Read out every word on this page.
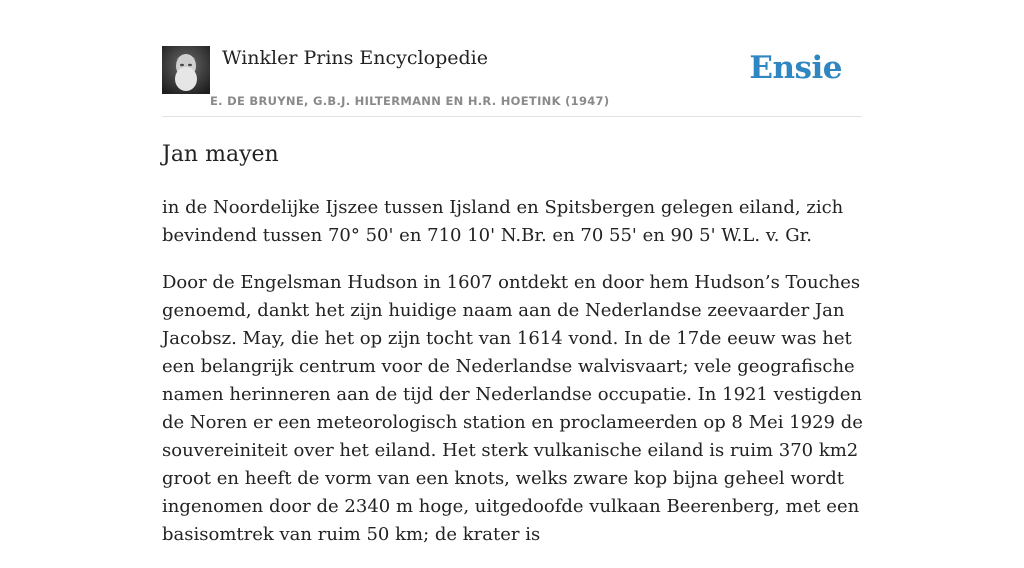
Winkler Prins Encyclopedie
E. DE BRUYNE, G.B.J. HILTERMANN EN H.R. HOETINK (1947)
Ensie
Jan mayen

in de Noordelijke Ijszee tussen Ijsland en Spitsbergen gelegen eiland, zich bevindend tussen 70° 50' en 710 10' N.Br. en 70 55' en 90 5' W.L. v. Gr.

Door de Engelsman Hudson in 1607 ontdekt en door hem Hudson’s Touches genoemd, dankt het zijn huidige naam aan de Nederlandse zeevaarder Jan Jacobsz. May, die het op zijn tocht van 1614 vond. In de 17de eeuw was het een belangrijk centrum voor de Nederlandse walvisvaart; vele geografische namen herinneren aan de tijd der Nederlandse occupatie. In 1921 vestigden de Noren er een meteorologisch station en proclameerden op 8 Mei 1929 de souvereiniteit over het eiland. Het sterk vulkanische eiland is ruim 370 km2 groot en heeft de vorm van een knots, welks zware kop bijna geheel wordt ingenomen door de 2340 m hoge, uitgedoofde vulkaan Beerenberg, met een basisomtrek van ruim 50 km; de krater is
